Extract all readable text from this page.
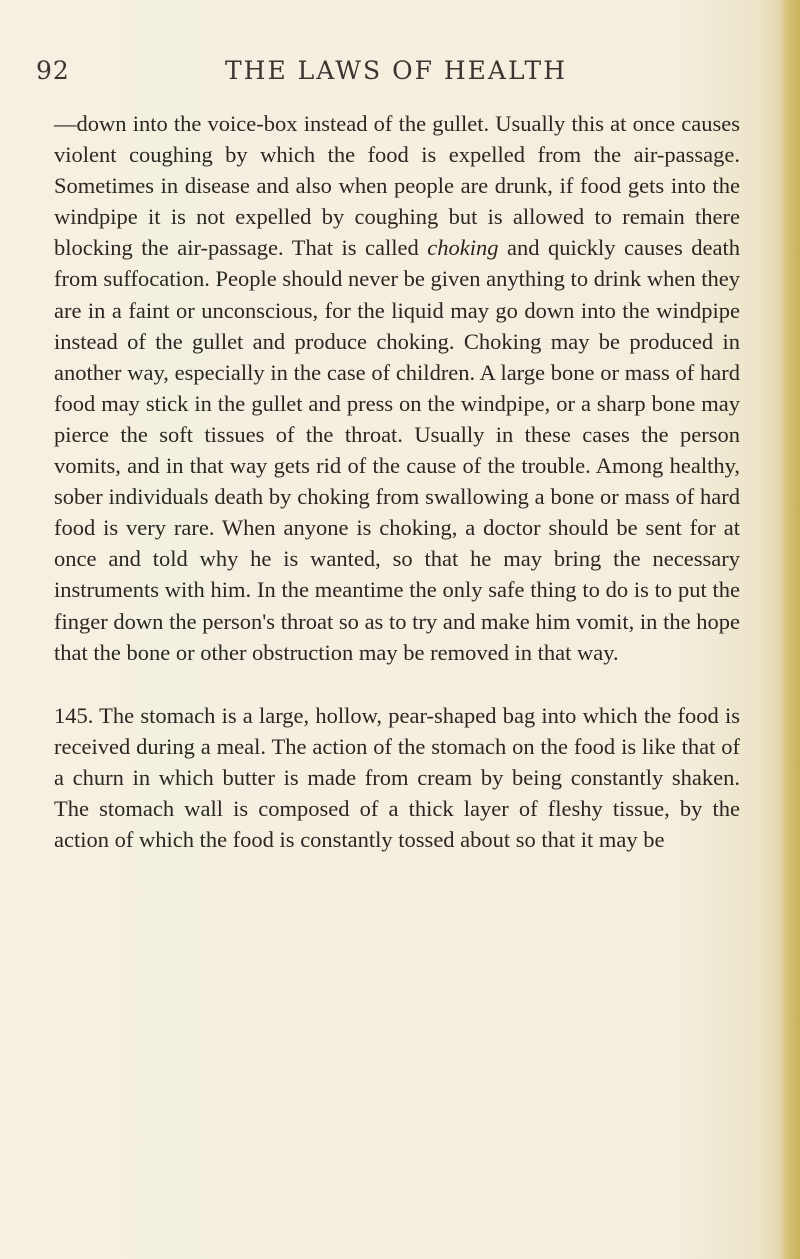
92	THE LAWS OF HEALTH

—down into the voice-box instead of the gullet. Usually this at once causes violent coughing by which the food is expelled from the air-passage. Sometimes in disease and also when people are drunk, if food gets into the windpipe it is not expelled by coughing but is allowed to remain there blocking the air-passage. That is called choking and quickly causes death from suffocation. People should never be given anything to drink when they are in a faint or unconscious, for the liquid may go down into the windpipe instead of the gullet and produce choking. Choking may be produced in another way, especially in the case of children. A large bone or mass of hard food may stick in the gullet and press on the windpipe, or a sharp bone may pierce the soft tissues of the throat. Usually in these cases the person vomits, and in that way gets rid of the cause of the trouble. Among healthy, sober individuals death by choking from swallowing a bone or mass of hard food is very rare. When anyone is choking, a doctor should be sent for at once and told why he is wanted, so that he may bring the necessary instruments with him. In the meantime the only safe thing to do is to put the finger down the person's throat so as to try and make him vomit, in the hope that the bone or other obstruction may be removed in that way.

145. The stomach is a large, hollow, pear-shaped bag into which the food is received during a meal. The action of the stomach on the food is like that of a churn in which butter is made from cream by being constantly shaken. The stomach wall is composed of a thick layer of fleshy tissue, by the action of which the food is constantly tossed about so that it may be
